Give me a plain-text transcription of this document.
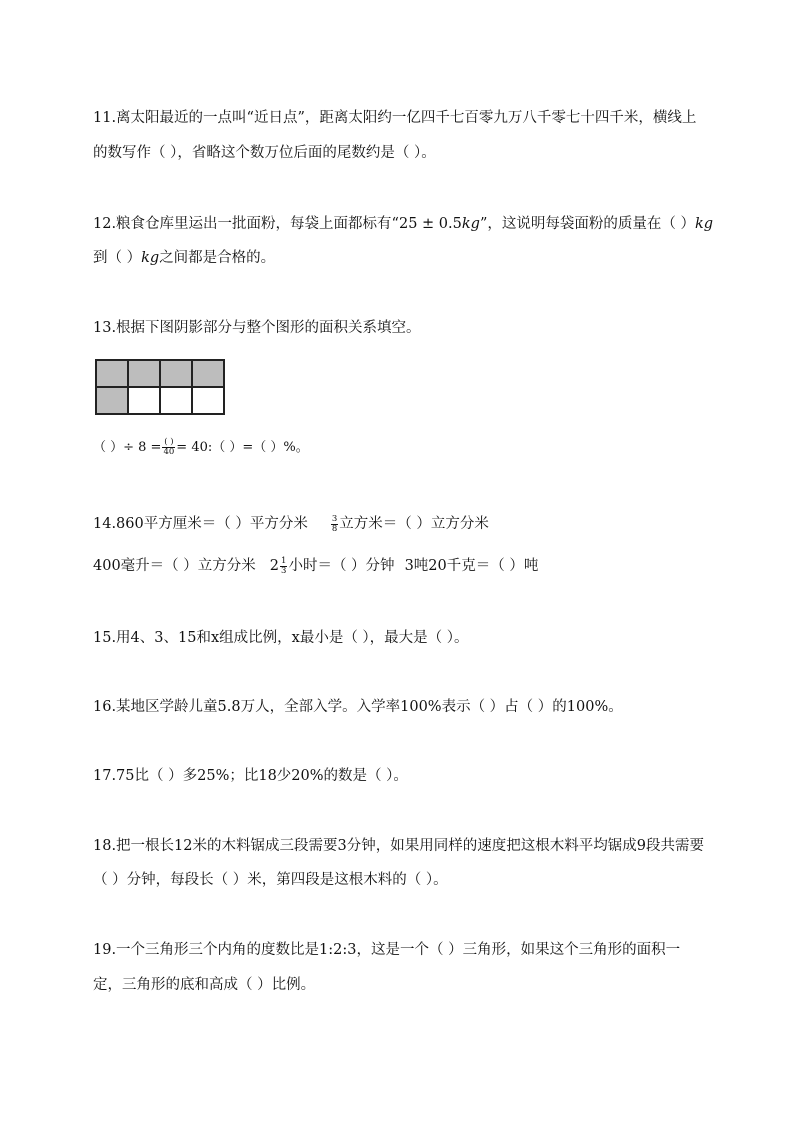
11.离太阳最近的一点叫“近日点”，距离太阳约一亿四千七百零九万八千零七十四千米，横线上
的数写作（ ），省略这个数万位后面的尾数约是（ ）。
12.粮食仓库里运出一批面粉，每袋上面都标有“25 ± 0.5kg”，这说明每袋面粉的质量在（ ）kg
到（ ）kg之间都是合格的。
13.根据下图阴影部分与整个图形的面积关系填空。

（ ）÷ $8 = \frac{( )}{40}$ = 40:（ ）=（ ）%。
14.860平方厘米＝（ ）平方分米	$\frac{3}{8}$ 立方米＝（ ）立方分米
400毫升＝（ ）立方分米 $2 \frac{1}{3}$ 小时＝（ ）分钟 3吨20千克＝（ ）吨
15.用4、3、15和x组成比例，x最小是（ ），最大是（ ）。
16.某地区学龄儿童5.8万人，全部入学。入学率100%表示（ ）占（ ）的100%。
17.75比（ ）多25%；比18少20%的数是（ ）。
18.把一根长12米的木料锯成三段需要3分钟，如果用同样的速度把这根木料平均锯成9段共需要
（ ）分钟，每段长（ ）米，第四段是这根木料的（ ）。
19.一个三角形三个内角的度数比是1:2:3，这是一个（ ）三角形，如果这个三角形的面积一
定，三角形的底和高成（ ）比例。
